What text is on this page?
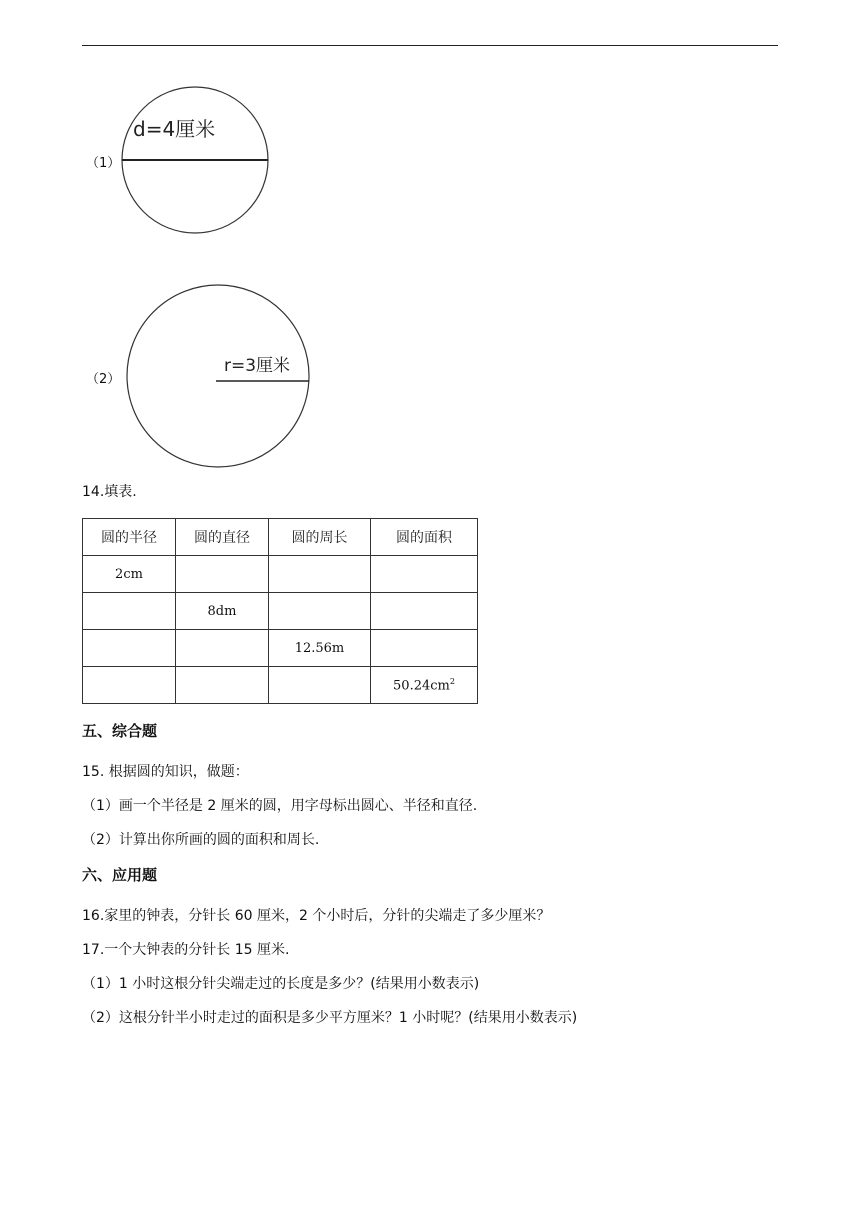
（1）
d=4厘米
（2）
r=3厘米
14.填表.
圆的半径	圆的直径	圆的周长	圆的面积
2cm			
	8dm		
		12.56m	
			$50.24cm^2$
五、综合题
15. 根据圆的知识，做题：
（1）画一个半径是 2 厘米的圆，用字母标出圆心、半径和直径.
（2）计算出你所画的圆的面积和周长.
六、应用题
16.家里的钟表，分针长 60 厘米，2 个小时后，分针的尖端走了多少厘米？
17.一个大钟表的分针长 15 厘米.
（1）1 小时这根分针尖端走过的长度是多少？(结果用小数表示)
（2）这根分针半小时走过的面积是多少平方厘米？1 小时呢？(结果用小数表示)
